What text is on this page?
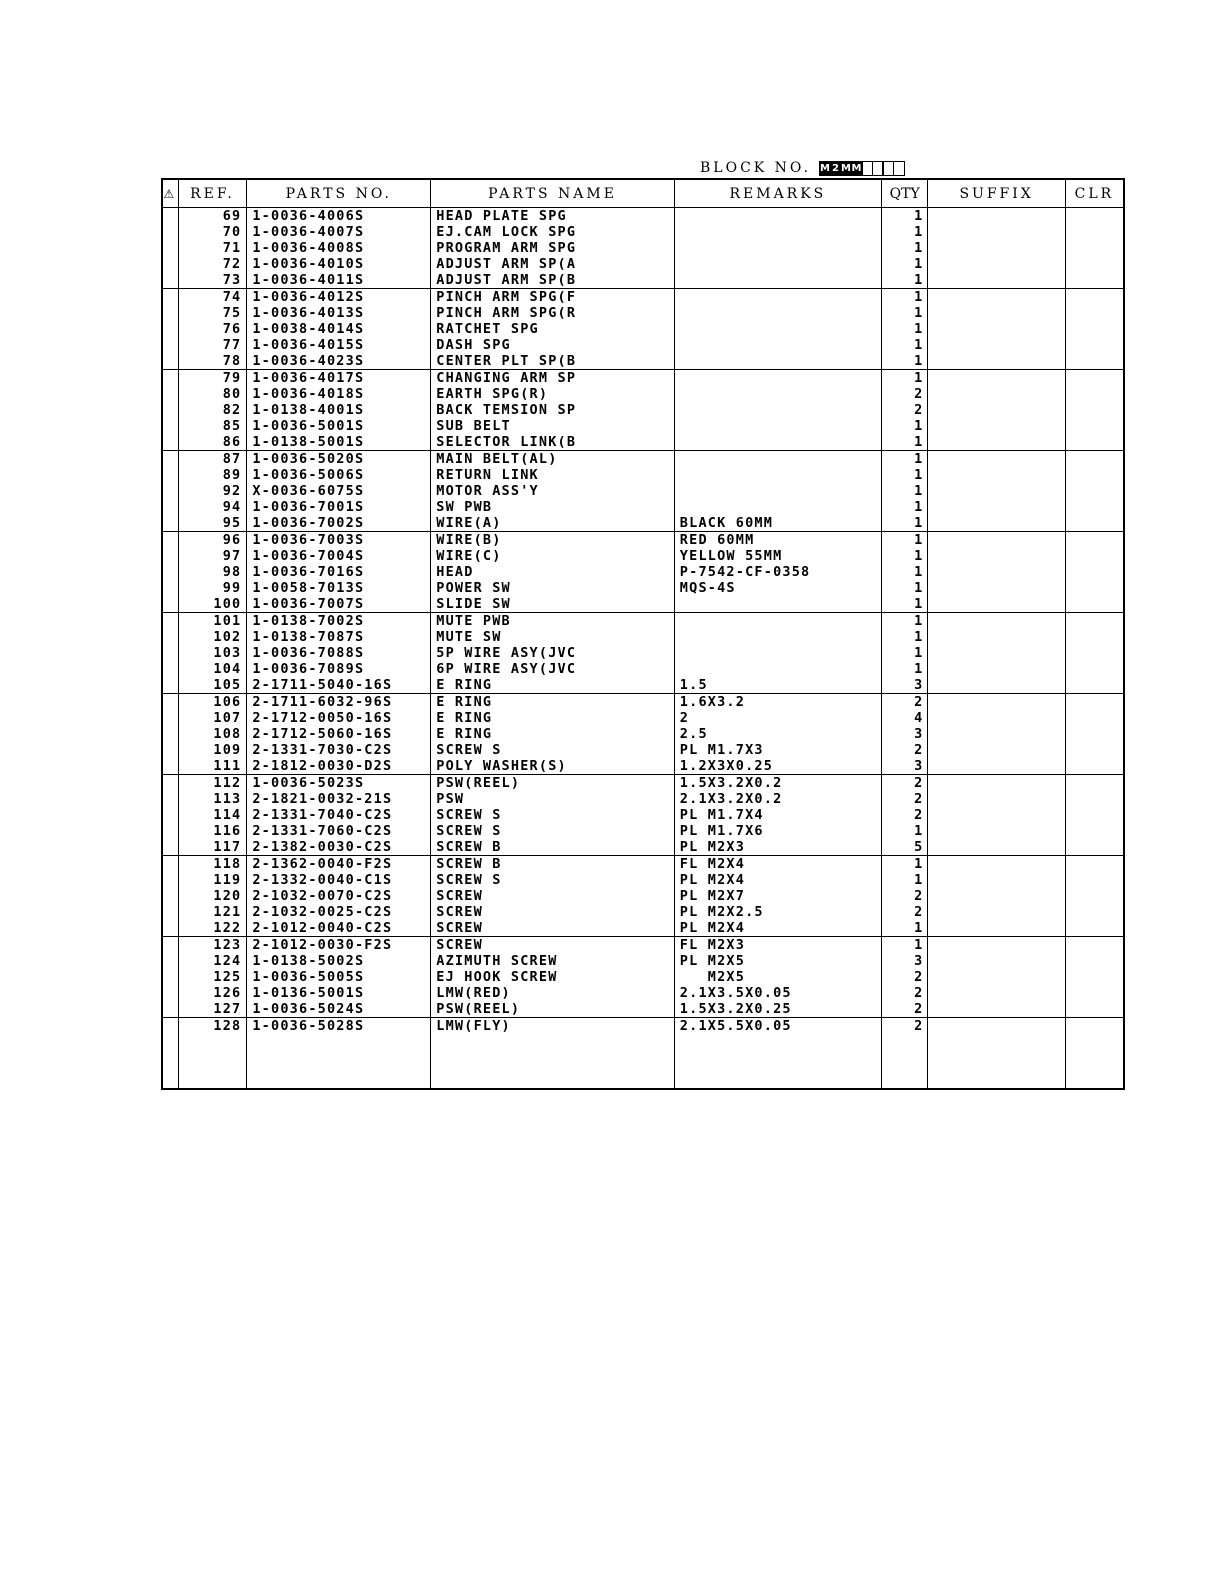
BLOCK NO. M 2 M M
⚠	REF.	PARTS NO.	PARTS NAME	REMARKS	QTY	SUFFIX	CLR
	69	1-0036-4006S	HEAD PLATE SPG		1		
	70	1-0036-4007S	EJ.CAM LOCK SPG		1		
	71	1-0036-4008S	PROGRAM ARM SPG		1		
	72	1-0036-4010S	ADJUST ARM SP(A		1		
	73	1-0036-4011S	ADJUST ARM SP(B		1		
	74	1-0036-4012S	PINCH ARM SPG(F		1		
	75	1-0036-4013S	PINCH ARM SPG(R		1		
	76	1-0038-4014S	RATCHET SPG		1		
	77	1-0036-4015S	DASH SPG		1		
	78	1-0036-4023S	CENTER PLT SP(B		1		
	79	1-0036-4017S	CHANGING ARM SP		1		
	80	1-0036-4018S	EARTH SPG(R)		2		
	82	1-0138-4001S	BACK TEMSION SP		2		
	85	1-0036-5001S	SUB BELT		1		
	86	1-0138-5001S	SELECTOR LINK(B		1		
	87	1-0036-5020S	MAIN BELT(AL)		1		
	89	1-0036-5006S	RETURN LINK		1		
	92	X-0036-6075S	MOTOR ASS'Y		1		
	94	1-0036-7001S	SW PWB		1		
	95	1-0036-7002S	WIRE(A)	BLACK 60MM	1		
	96	1-0036-7003S	WIRE(B)	RED 60MM	1		
	97	1-0036-7004S	WIRE(C)	YELLOW 55MM	1		
	98	1-0036-7016S	HEAD	P-7542-CF-0358	1		
	99	1-0058-7013S	POWER SW	MQS-4S	1		
	100	1-0036-7007S	SLIDE SW		1		
	101	1-0138-7002S	MUTE PWB		1		
	102	1-0138-7087S	MUTE SW		1		
	103	1-0036-7088S	5P WIRE ASY(JVC		1		
	104	1-0036-7089S	6P WIRE ASY(JVC		1		
	105	2-1711-5040-16S	E RING	1.5	3		
	106	2-1711-6032-96S	E RING	1.6X3.2	2		
	107	2-1712-0050-16S	E RING	2	4		
	108	2-1712-5060-16S	E RING	2.5	3		
	109	2-1331-7030-C2S	SCREW S	PL M1.7X3	2		
	111	2-1812-0030-D2S	POLY WASHER(S)	1.2X3X0.25	3		
	112	1-0036-5023S	PSW(REEL)	1.5X3.2X0.2	2		
	113	2-1821-0032-21S	PSW	2.1X3.2X0.2	2		
	114	2-1331-7040-C2S	SCREW S	PL M1.7X4	2		
	116	2-1331-7060-C2S	SCREW S	PL M1.7X6	1		
	117	2-1382-0030-C2S	SCREW B	PL M2X3	5		
	118	2-1362-0040-F2S	SCREW B	FL M2X4	1		
	119	2-1332-0040-C1S	SCREW S	PL M2X4	1		
	120	2-1032-0070-C2S	SCREW	PL M2X7	2		
	121	2-1032-0025-C2S	SCREW	PL M2X2.5	2		
	122	2-1012-0040-C2S	SCREW	PL M2X4	1		
	123	2-1012-0030-F2S	SCREW	FL M2X3	1		
	124	1-0138-5002S	AZIMUTH SCREW	PL M2X5	3		
	125	1-0036-5005S	EJ HOOK SCREW	M2X5	2		
	126	1-0136-5001S	LMW(RED)	2.1X3.5X0.05	2		
	127	1-0036-5024S	PSW(REEL)	1.5X3.2X0.25	2		
	128	1-0036-5028S	LMW(FLY)	2.1X5.5X0.05	2		
